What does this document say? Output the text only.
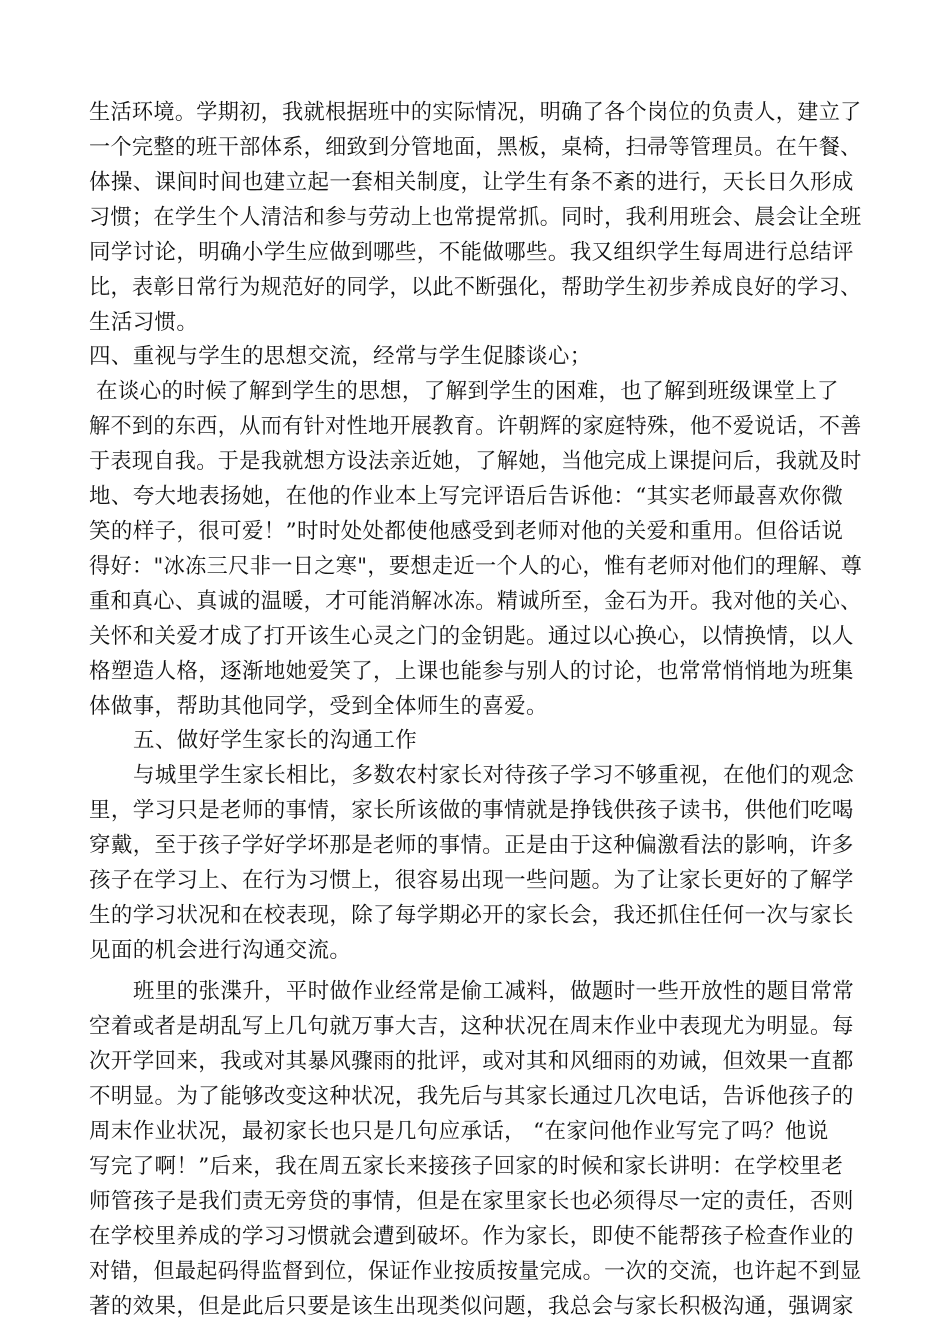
生活环境。学期初，我就根据班中的实际情况，明确了各个岗位的负责人，建立了
一个完整的班干部体系，细致到分管地面，黑板，桌椅，扫帚等管理员。在午餐、
体操、课间时间也建立起一套相关制度，让学生有条不紊的进行，天长日久形成
习惯；在学生个人清洁和参与劳动上也常提常抓。同时，我利用班会、晨会让全班
同学讨论，明确小学生应做到哪些，不能做哪些。我又组织学生每周进行总结评
比，表彰日常行为规范好的同学，以此不断强化，帮助学生初步养成良好的学习、
生活习惯。
四、重视与学生的思想交流，经常与学生促膝谈心；
在谈心的时候了解到学生的思想，了解到学生的困难，也了解到班级课堂上了
解不到的东西，从而有针对性地开展教育。许朝辉的家庭特殊，他不爱说话，不善
于表现自我。于是我就想方设法亲近她，了解她，当他完成上课提问后，我就及时
地、夸大地表扬她，在他的作业本上写完评语后告诉他：“其实老师最喜欢你微
笑的样子，很可爱！”时时处处都使他感受到老师对他的关爱和重用。但俗话说
得好："冰冻三尺非一日之寒"，要想走近一个人的心，惟有老师对他们的理解、尊
重和真心、真诚的温暖，才可能消解冰冻。精诚所至，金石为开。我对他的关心、
关怀和关爱才成了打开该生心灵之门的金钥匙。通过以心换心，以情换情，以人
格塑造人格，逐渐地她爱笑了，上课也能参与别人的讨论，也常常悄悄地为班集
体做事，帮助其他同学，受到全体师生的喜爱。
五、做好学生家长的沟通工作
与城里学生家长相比，多数农村家长对待孩子学习不够重视，在他们的观念
里，学习只是老师的事情，家长所该做的事情就是挣钱供孩子读书，供他们吃喝
穿戴，至于孩子学好学坏那是老师的事情。正是由于这种偏激看法的影响，许多
孩子在学习上、在行为习惯上，很容易出现一些问题。为了让家长更好的了解学
生的学习状况和在校表现，除了每学期必开的家长会，我还抓住任何一次与家长
见面的机会进行沟通交流。
班里的张渫升，平时做作业经常是偷工减料，做题时一些开放性的题目常常
空着或者是胡乱写上几句就万事大吉，这种状况在周末作业中表现尤为明显。每
次开学回来，我或对其暴风骤雨的批评，或对其和风细雨的劝诫，但效果一直都
不明显。为了能够改变这种状况，我先后与其家长通过几次电话，告诉他孩子的
周末作业状况，最初家长也只是几句应承话， “在家问他作业写完了吗？他说
写完了啊！”后来，我在周五家长来接孩子回家的时候和家长讲明：在学校里老
师管孩子是我们责无旁贷的事情，但是在家里家长也必须得尽一定的责任，否则
在学校里养成的学习习惯就会遭到破坏。作为家长，即使不能帮孩子检查作业的
对错，但最起码得监督到位，保证作业按质按量完成。一次的交流，也许起不到显
著的效果，但是此后只要是该生出现类似问题，我总会与家长积极沟通，强调家
